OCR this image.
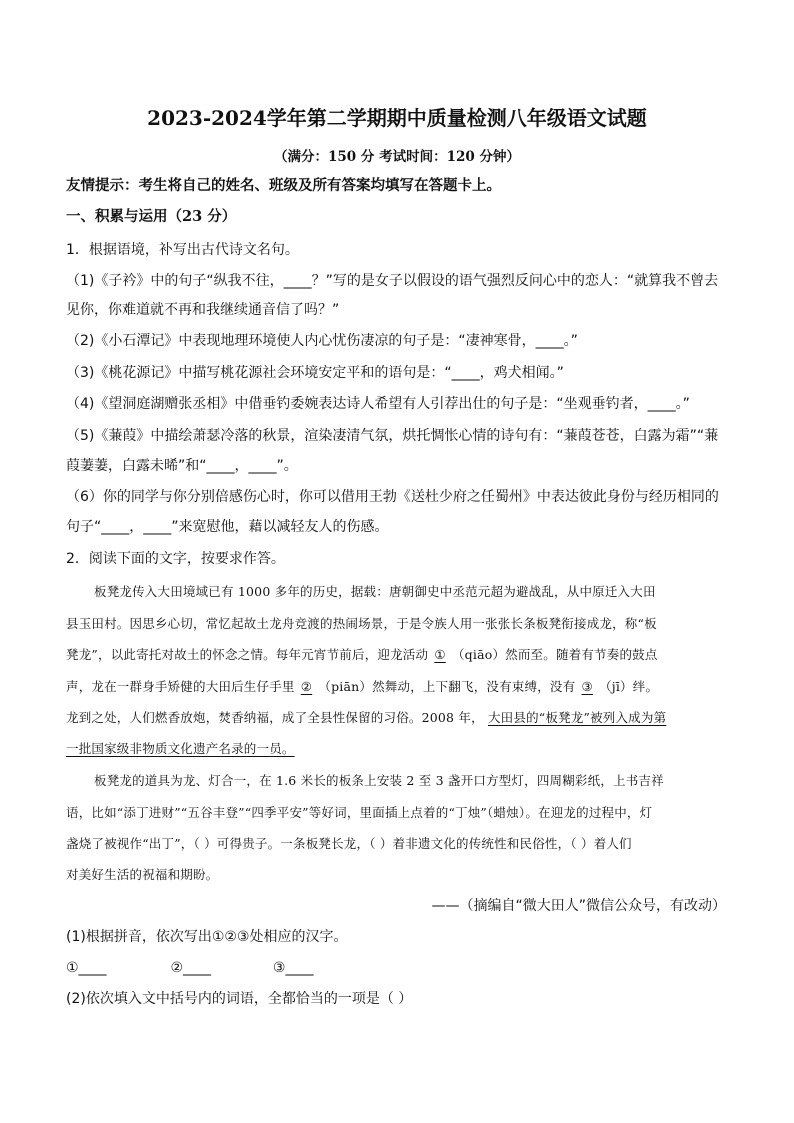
2023-2024学年第二学期期中质量检测八年级语文试题
（满分：150 分 考试时间：120 分钟）
友情提示：考生将自己的姓名、班级及所有答案均填写在答题卡上。
一、积累与运用（23 分）
1．根据语境，补写出古代诗文名句。
（1)《子衿》中的句子“纵我不往，____？”写的是女子以假设的语气强烈反问心中的恋人：“就算我不曾去
见你，你难道就不再和我继续通音信了吗？”
（2)《小石潭记》中表现地理环境使人内心忧伤凄凉的句子是：“凄神寒骨，____。”
（3)《桃花源记》中描写桃花源社会环境安定平和的语句是：“____，鸡犬相闻。”
（4)《望洞庭湖赠张丞相》中借垂钓委婉表达诗人希望有人引荐出仕的句子是：“坐观垂钓者，____。”
（5)《蒹葭》中描绘萧瑟冷落的秋景，渲染凄清气氛，烘托惆怅心情的诗句有：“蒹葭苍苍，白露为霜”“蒹
葭萋萋，白露未晞”和“____，____”。
（6）你的同学与你分别倍感伤心时，你可以借用王勃《送杜少府之任蜀州》中表达彼此身份与经历相同的
句子“____，____”来宽慰他，藉以减轻友人的伤感。
2．阅读下面的文字，按要求作答。
板凳龙传入大田境域已有 1000 多年的历史，据载：唐朝御史中丞范元超为避战乱，从中原迁入大田
县玉田村。因思乡心切，常忆起故土龙舟竞渡的热闹场景，于是令族人用一张张长条板凳衔接成龙，称“板
凳龙”，以此寄托对故土的怀念之情。每年元宵节前后，迎龙活动 ① （qiāo）然而至。随着有节奏的鼓点
声，龙在一群身手矫健的大田后生仔手里 ② （piān）然舞动，上下翻飞，没有束缚，没有 ③ （jī）绊。
龙到之处，人们燃香放炮，焚香纳福，成了全县性保留的习俗。2008 年， 大田县的“板凳龙”被列入成为第
一批国家级非物质文化遗产名录的一员。
板凳龙的道具为龙、灯合一，在 1.6 米长的板条上安装 2 至 3 盏开口方型灯，四周糊彩纸，上书吉祥
语，比如“添丁进财”“五谷丰登”“四季平安”等好词，里面插上点着的“丁烛”（蜡烛）。在迎龙的过程中，灯
盏烧了被视作“出丁”，（ ）可得贵子。一条板凳长龙，（ ）着非遗文化的传统性和民俗性，（ ）着人们
对美好生活的祝福和期盼。
——（摘编自“微大田人”微信公众号，有改动）
(1)根据拼音，依次写出①②③处相应的汉字。
①____	②____	③____
(2)依次填入文中括号内的词语，全都恰当的一项是（ ）
